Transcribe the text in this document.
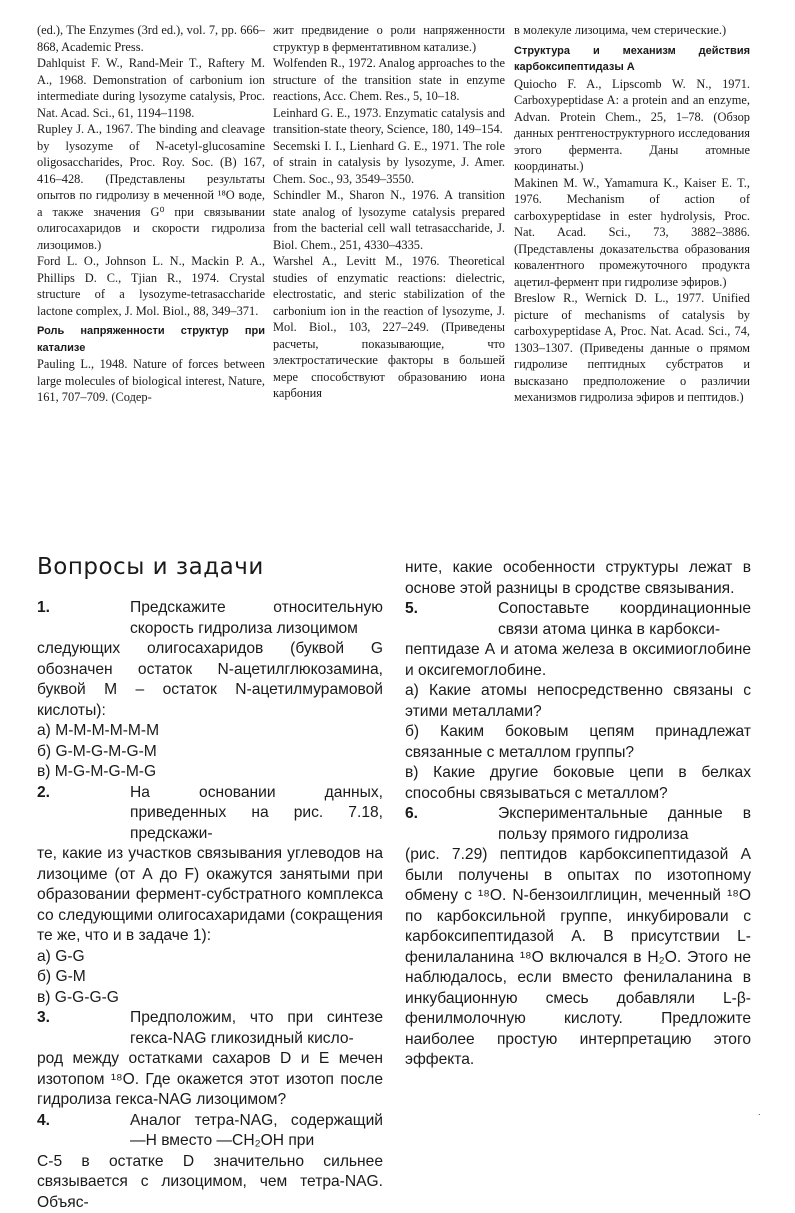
(ed.), The Enzymes (3rd ed.), vol. 7, pp. 666–868, Academic Press.

Dahlquist F. W., Rand-Meir T., Raftery M. A., 1968. Demonstration of carbonium ion intermediate during lysozyme catalysis, Proc. Nat. Acad. Sci., 61, 1194–1198.

Rupley J. A., 1967. The binding and cleavage by lysozyme of N-acetyl-glucosamine oligosaccharides, Proc. Roy. Soc. (B) 167, 416–428. (Представлены результаты опытов по гидролизу в меченной ¹⁸O воде, а также значения G⁰ при связывании олигосахаридов и скорости гидролиза лизоцимов.)

Ford L. O., Johnson L. N., Mackin P. A., Phillips D. C., Tjian R., 1974. Crystal structure of a lysozyme-tetrasaccharide lactone complex, J. Mol. Biol., 88, 349–371.

Роль напряженности структур при катализе

Pauling L., 1948. Nature of forces between large molecules of biological interest, Nature, 161, 707–709. (Содер-

жит предвидение о роли напряженности структур в ферментативном катализе.)

Wolfenden R., 1972. Analog approaches to the structure of the transition state in enzyme reactions, Acc. Chem. Res., 5, 10–18.

Leinhard G. E., 1973. Enzymatic catalysis and transition-state theory, Science, 180, 149–154.

Secemski I. I., Lienhard G. E., 1971. The role of strain in catalysis by lysozyme, J. Amer. Chem. Soc., 93, 3549–3550.

Schindler M., Sharon N., 1976. A transition state analog of lysozyme catalysis prepared from the bacterial cell wall tetrasaccharide, J. Biol. Chem., 251, 4330–4335.

Warshel A., Levitt M., 1976. Theoretical studies of enzymatic reactions: dielectric, electrostatic, and steric stabilization of the carbonium ion in the reaction of lysozyme, J. Mol. Biol., 103, 227–249. (Приведены расчеты, показывающие, что электростатические факторы в большей мере способствуют образованию иона карбония

в молекуле лизоцима, чем стерические.)

Структура и механизм действия карбоксипептидазы А

Quiocho F. A., Lipscomb W. N., 1971. Carboxypeptidase A: a protein and an enzyme, Advan. Protein Chem., 25, 1–78. (Обзор данных рентгеноструктурного исследования этого фермента. Даны атомные координаты.)

Makinen M. W., Yamamura K., Kaiser E. T., 1976. Mechanism of action of carboxypeptidase in ester hydrolysis, Proc. Nat. Acad. Sci., 73, 3882–3886. (Представлены доказательства образования ковалентного промежуточного продукта ацетил-фермент при гидролизе эфиров.)

Breslow R., Wernick D. L., 1977. Unified picture of mechanisms of catalysis by carboxypeptidase A, Proc. Nat. Acad. Sci., 74, 1303–1307. (Приведены данные о прямом гидролизе пептидных субстратов и высказано предположение о различии механизмов гидролиза эфиров и пептидов.)

Вопросы и задачи
1.	Предскажите относительную скорость гидролиза лизоцимом

следующих олигосахаридов (буквой G обозначен остаток N-ацетилглюкозамина, буквой М – остаток N-ацетилмурамовой кислоты):

а) M-M-M-M-M-M

б) G-M-G-M-G-M

в) M-G-M-G-M-G

2.	На основании данных, приведенных на рис. 7.18, предскажи-

те, какие из участков связывания углеводов на лизоциме (от А до F) окажутся занятыми при образовании фермент-субстратного комплекса со следующими олигосахаридами (сокращения те же, что и в задаче 1):

а) G-G

б) G-M

в) G-G-G-G

3.	Предположим, что при синтезе гекса-NAG гликозидный кисло-

род между остатками сахаров D и E мечен изотопом ¹⁸O. Где окажется этот изотоп после гидролиза гекса-NAG лизоцимом?

4.	Аналог тетра-NAG, содержащий —H вместо —CH₂OH при

С-5 в остатке D значительно сильнее связывается с лизоцимом, чем тетра-NAG. Объяс-

ните, какие особенности структуры лежат в основе этой разницы в сродстве связывания.

5.	Сопоставьте координационные связи атома цинка в карбокси-

пептидазе А и атома железа в оксимиоглобине и оксигемоглобине.

а) Какие атомы непосредственно связаны с этими металлами?

б) Каким боковым цепям принадлежат связанные с металлом группы?

в) Какие другие боковые цепи в белках способны связываться с металлом?

6.	Экспериментальные данные в пользу прямого гидролиза

(рис. 7.29) пептидов карбоксипептидазой А были получены в опытах по изотопному обмену с ¹⁸O. N-бензоилглицин, меченный ¹⁸O по карбоксильной группе, инкубировали с карбоксипептидазой А. В присутствии L-фенилаланина ¹⁸O включался в H₂O. Этого не наблюдалось, если вместо фенилаланина в инкубационную смесь добавляли L-β-фенилмолочную кислоту. Предложите наиболее простую интерпретацию этого эффекта.

.
